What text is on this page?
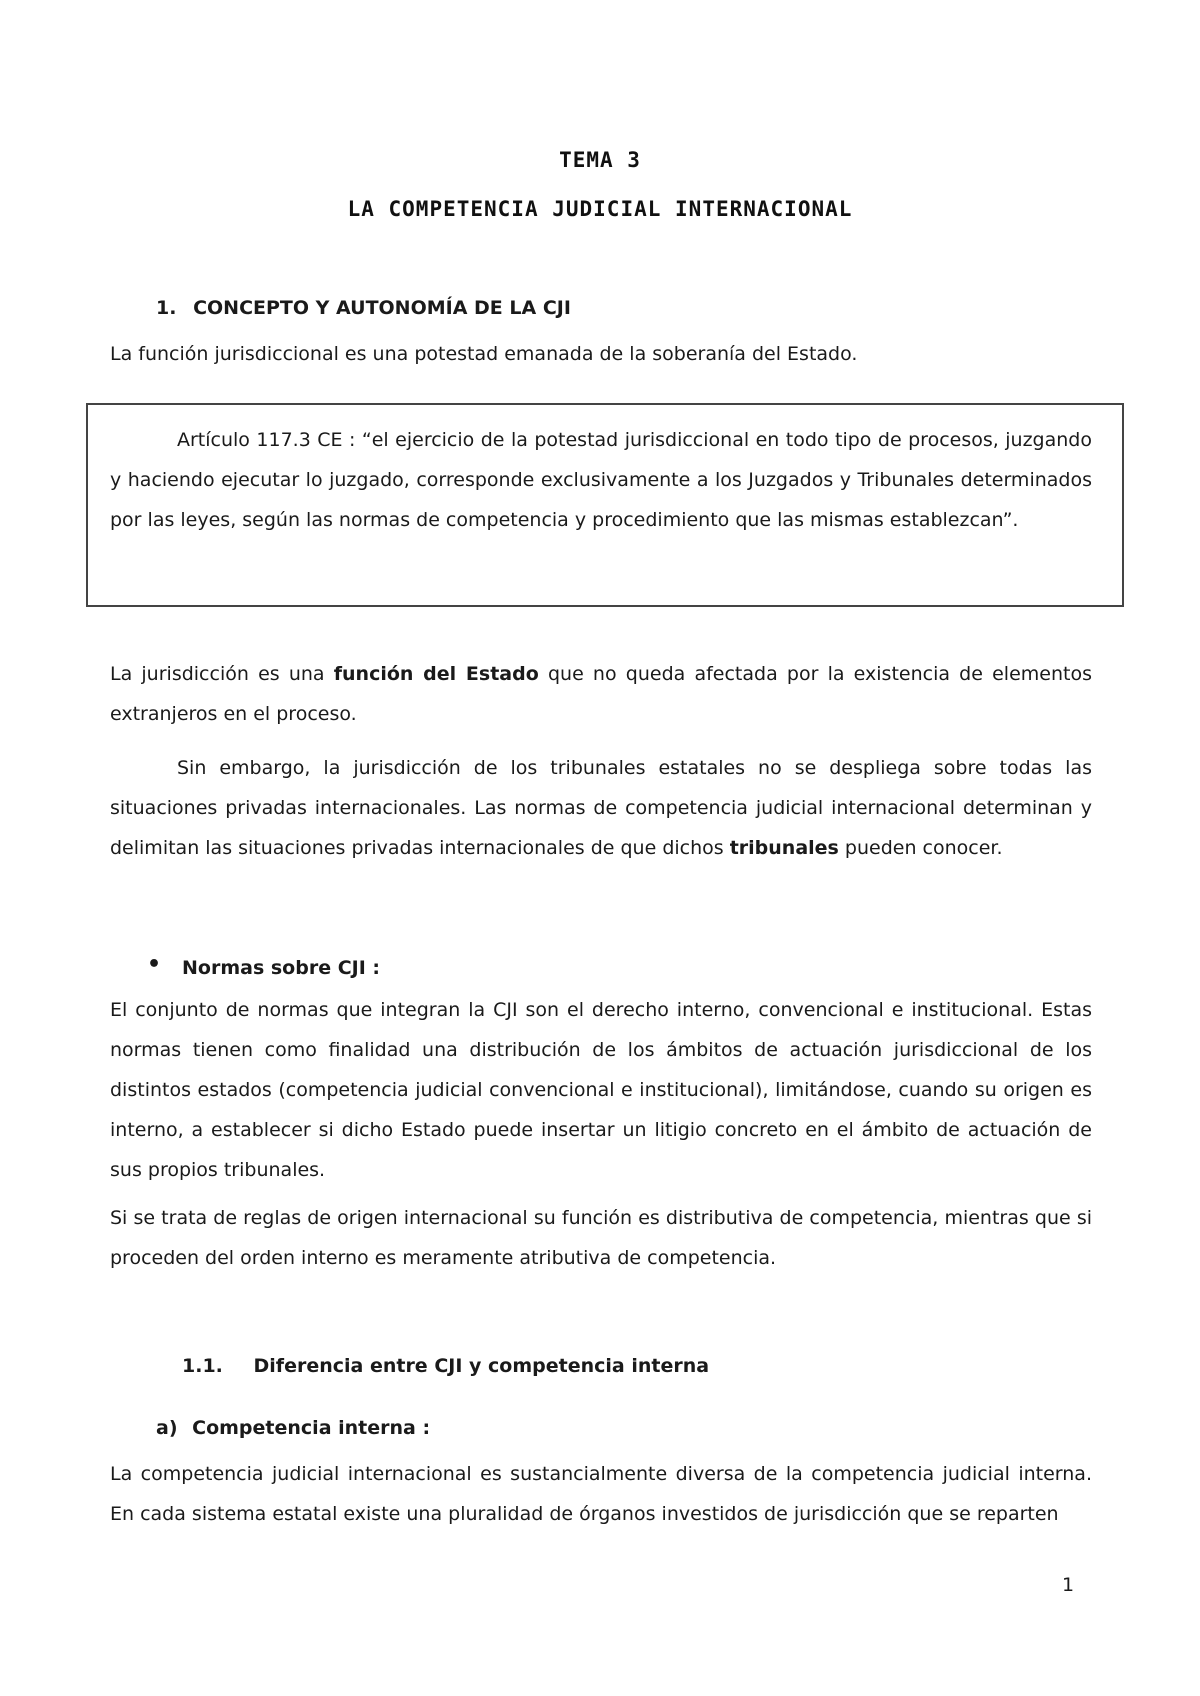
TEMA 3
LA COMPETENCIA JUDICIAL INTERNACIONAL
1. CONCEPTO Y AUTONOMÍA DE LA CJI
La función jurisdiccional es una potestad emanada de la soberanía del Estado.
Artículo 117.3 CE : “el ejercicio de la potestad jurisdiccional en todo tipo de procesos, juzgando y haciendo ejecutar lo juzgado, corresponde exclusivamente a los Juzgados y Tribunales determinados por las leyes, según las normas de competencia y procedimiento que las mismas establezcan”.
La jurisdicción es una función del Estado que no queda afectada por la existencia de elementos extranjeros en el proceso.
Sin embargo, la jurisdicción de los tribunales estatales no se despliega sobre todas las situaciones privadas internacionales. Las normas de competencia judicial internacional determinan y delimitan las situaciones privadas internacionales de que dichos tribunales pueden conocer.
• Normas sobre CJI :
El conjunto de normas que integran la CJI son el derecho interno, convencional e institucional. Estas normas tienen como finalidad una distribución de los ámbitos de actuación jurisdiccional de los distintos estados (competencia judicial convencional e institucional), limitándose, cuando su origen es interno, a establecer si dicho Estado puede insertar un litigio concreto en el ámbito de actuación de sus propios tribunales.
Si se trata de reglas de origen internacional su función es distributiva de competencia, mientras que si proceden del orden interno es meramente atributiva de competencia.
1.1. Diferencia entre CJI y competencia interna
a) Competencia interna :
La competencia judicial internacional es sustancialmente diversa de la competencia judicial interna. En cada sistema estatal existe una pluralidad de órganos investidos de jurisdicción que se reparten
1
